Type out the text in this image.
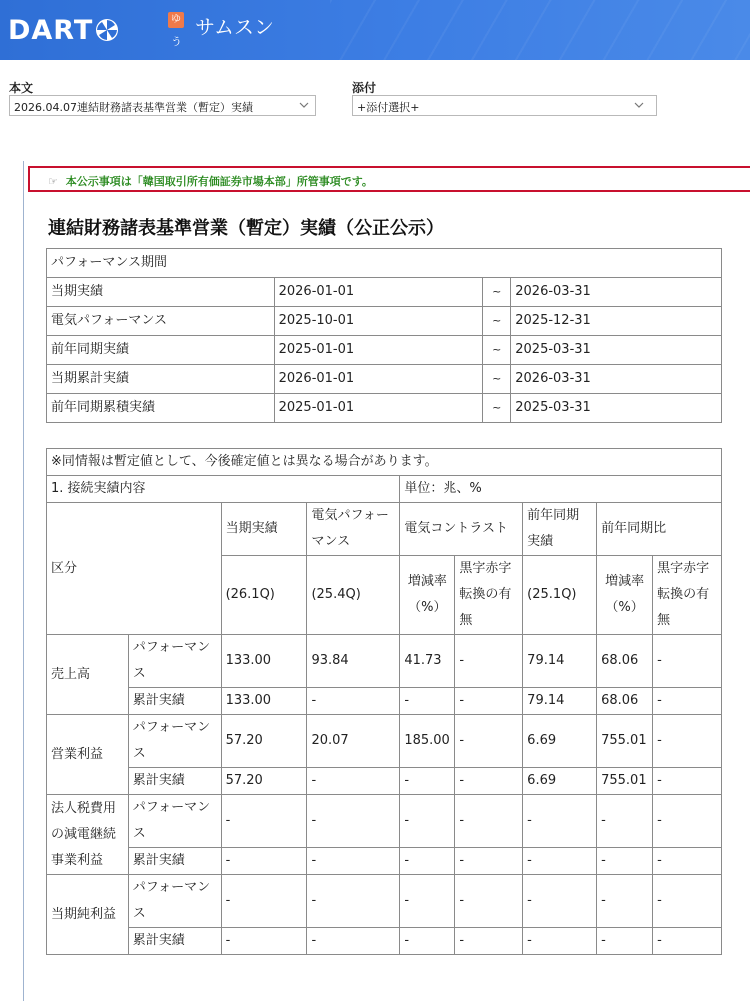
DART	ゆ
う
サムスン
本文
2026.04.07連結財務諸表基準営業（暫定）実績
添付
+添付選択+
☞ 本公示事項は「韓国取引所有価証券市場本部」所管事項です。
連結財務諸表基準営業（暫定）実績（公正公示）
パフォーマンス期間			
当期実績	2026-01-01	~	2026-03-31
電気パフォーマンス	2025-10-01	~	2025-12-31
前年同期実績	2025-01-01	~	2025-03-31
当期累計実績	2026-01-01	~	2026-03-31
前年同期累積実績	2025-01-01	~	2025-03-31
※同情報は暫定値として、今後確定値とは異なる場合があります。								
1. 接続実績内容				単位：兆、%				
区分		当期実績	電気パフォーマンス	電気コントラスト		前年同期実績	前年同期比	
		(26.1Q)	(25.4Q)	増減率（%）	黒字赤字転換の有無	(25.1Q)	増減率（%）	黒字赤字転換の有無
売上高	パフォーマンス	133.00	93.84	41.73	-	79.14	68.06	-
	累計実績	133.00	-	-	-	79.14	68.06	-
営業利益	パフォーマンス	57.20	20.07	185.00	-	6.69	755.01	-
	累計実績	57.20	-	-	-	6.69	755.01	-
法人税費用の減電継続事業利益	パフォーマンス	-	-	-	-	-	-	-
	累計実績	-	-	-	-	-	-	-
当期純利益	パフォーマンス	-	-	-	-	-	-	-
	累計実績	-	-	-	-	-	-	-
